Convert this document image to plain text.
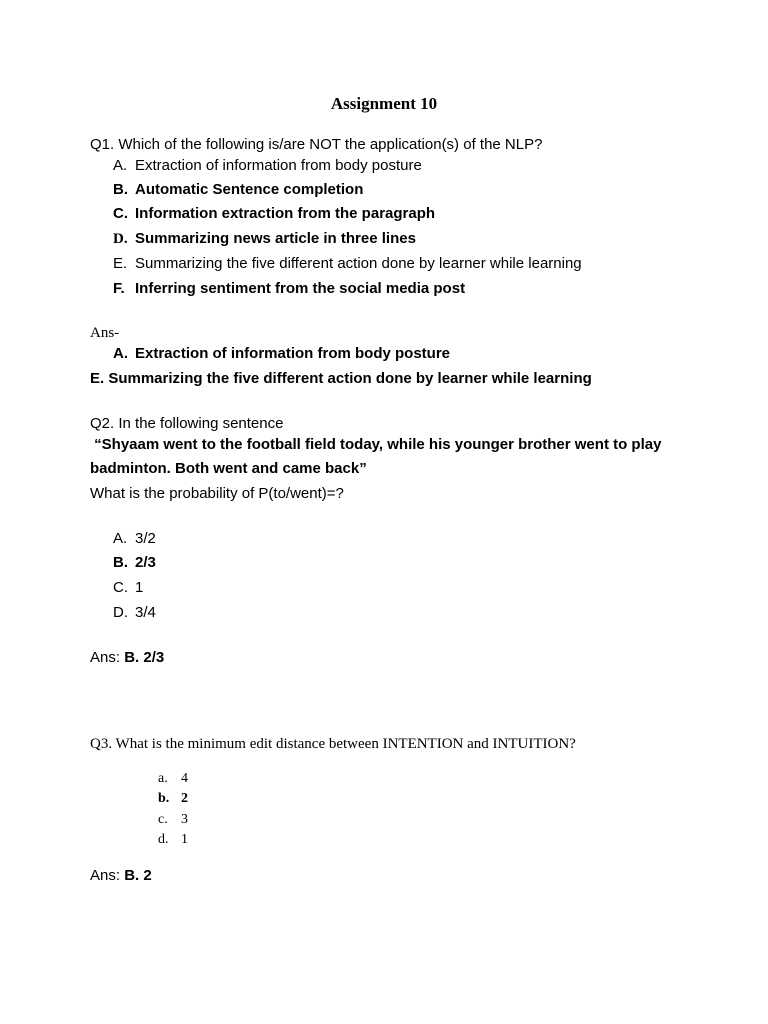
Assignment 10
Q1. Which of the following is/are NOT the application(s) of the NLP?
A. Extraction of information from body posture
B. Automatic Sentence completion
C. Information extraction from the paragraph
D. Summarizing news article in three lines
E. Summarizing the five different action done by learner while learning
F. Inferring sentiment from the social media post
Ans-
A. Extraction of information from body posture
E. Summarizing the five different action done by learner while learning
Q2. In the following sentence
“Shyaam went to the football field today, while his younger brother went to play
badminton. Both went and came back”
What is the probability of P(to/went)=?
A. 3/2
B. 2/3
C. 1
D. 3/4
Ans: B. 2/3
Q3. What is the minimum edit distance between INTENTION and INTUITION?
a. 4
b. 2
c. 3
d. 1
Ans: B. 2
